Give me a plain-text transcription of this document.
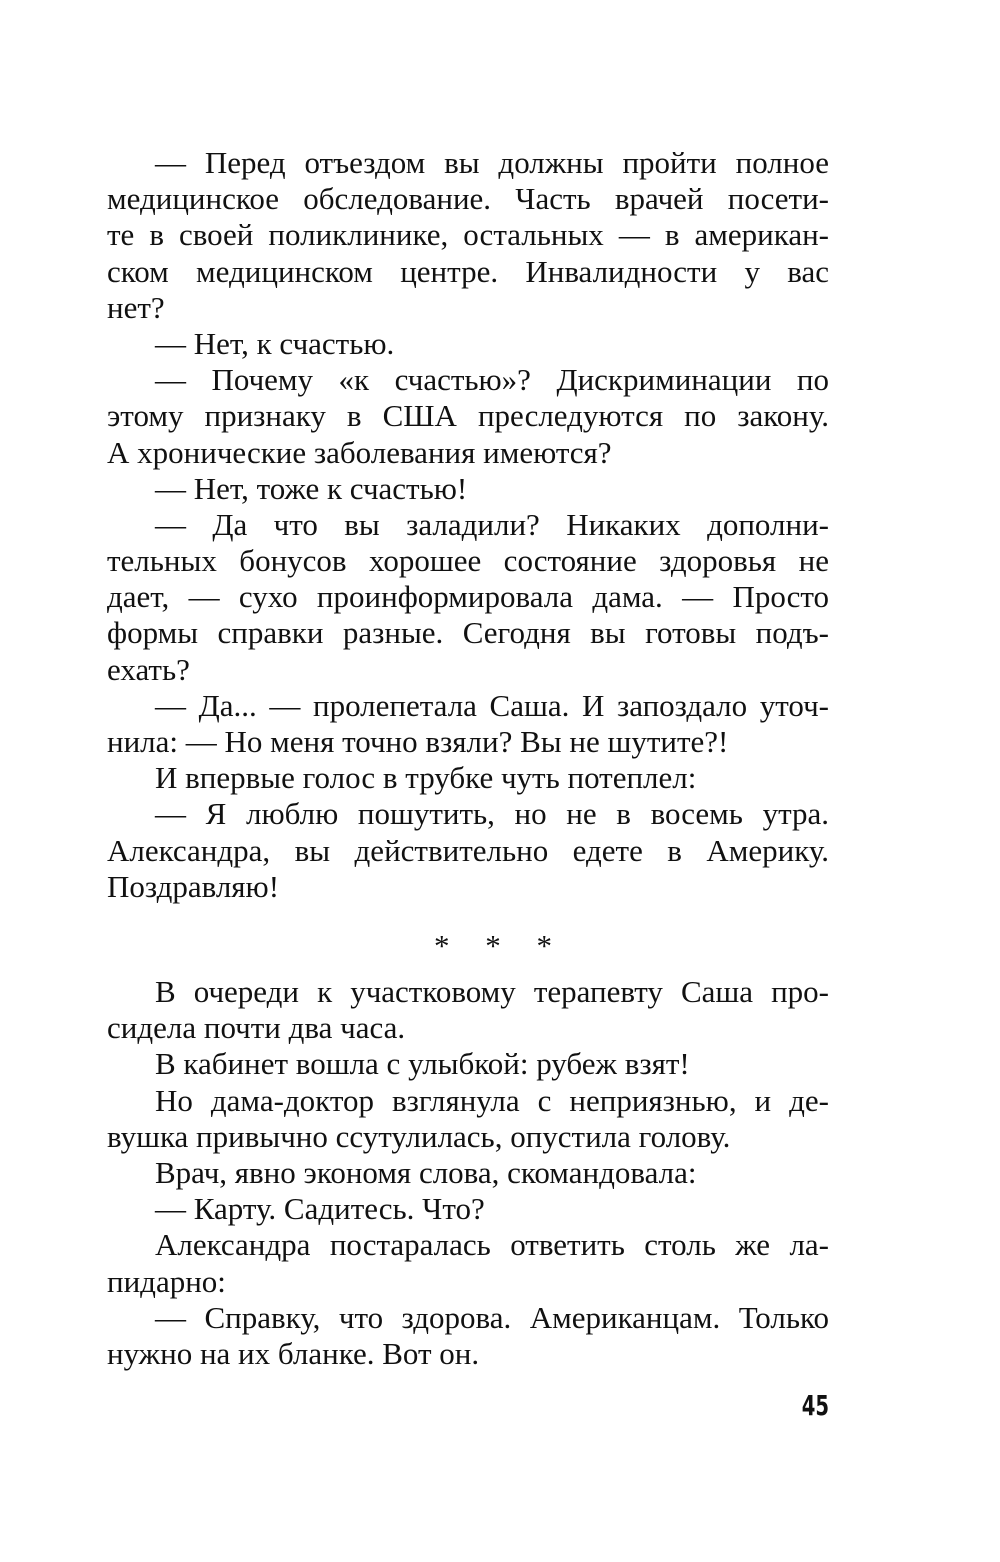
— Перед отъездом вы должны пройти полное
медицинское обследование. Часть врачей посети-
те в своей поликлинике, остальных — в американ-
ском медицинском центре. Инвалидности у вас
нет?
— Нет, к счастью.
— Почему «к счастью»? Дискриминации по
этому признаку в США преследуются по закону.
А хронические заболевания имеются?
— Нет, тоже к счастью!
— Да что вы заладили? Никаких дополни-
тельных бонусов хорошее состояние здоровья не
дает, — сухо проинформировала дама. — Просто
формы справки разные. Сегодня вы готовы подъ-
ехать?
— Да... — пролепетала Саша. И запоздало уточ-
нила: — Но меня точно взяли? Вы не шутите?!
И впервые голос в трубке чуть потеплел:
— Я люблю пошутить, но не в восемь утра.
Александра, вы действительно едете в Америку.
Поздравляю!
* * *
В очереди к участковому терапевту Саша про-
сидела почти два часа.
В кабинет вошла с улыбкой: рубеж взят!
Но дама-доктор взглянула с неприязнью, и де-
вушка привычно ссутулилась, опустила голову.
Врач, явно экономя слова, скомандовала:
— Карту. Садитесь. Что?
Александра постаралась ответить столь же ла-
пидарно:
— Справку, что здорова. Американцам. Только
нужно на их бланке. Вот он.
45
